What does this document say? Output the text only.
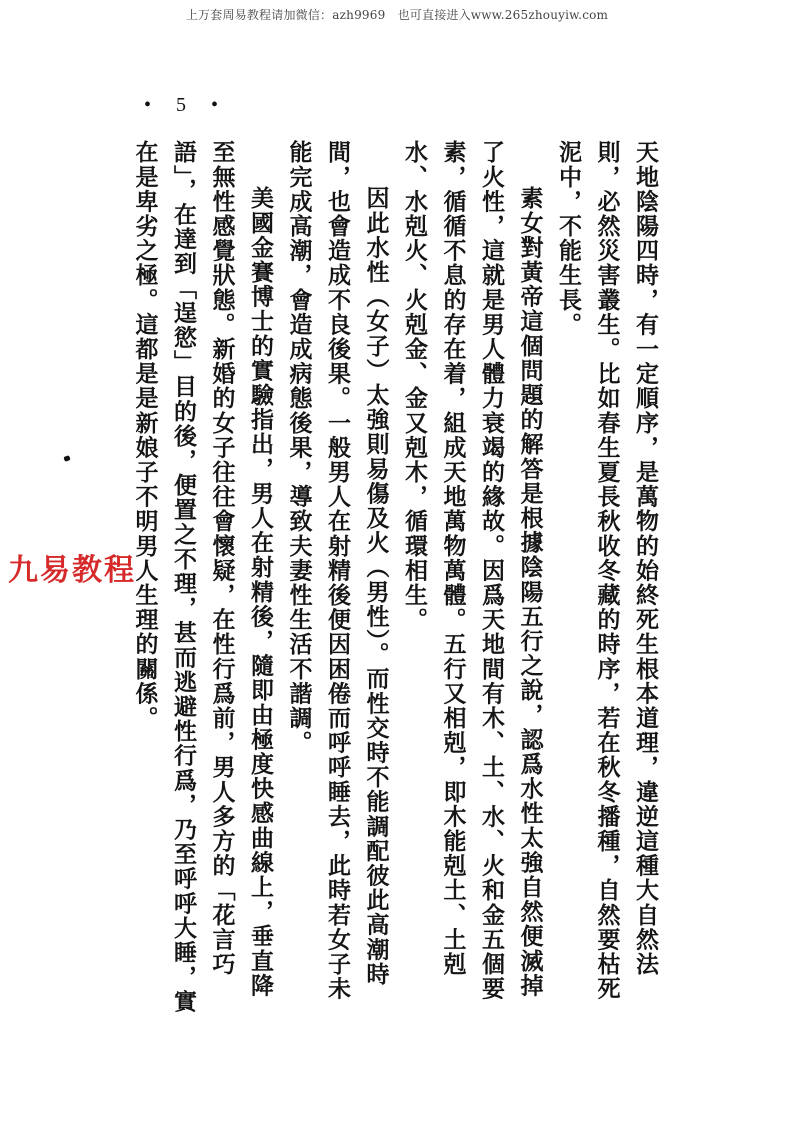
上万套周易教程请加微信：azh9969　也可直接进入www.265zhouyiw.com
• 5 •

天地陰陽四時，有一定順序，是萬物的始終死生根本道理，違逆這種大自然法則，必然災害叢生。比如春生夏長秋收冬藏的時序，若在秋冬播種，自然要枯死泥中，不能生長。

素女對黃帝這個問題的解答是根據陰陽五行之說，認爲水性太強自然便滅掉了火性，這就是男人體力衰竭的緣故。因爲天地間有木、土、水、火和金五個要素，循循不息的存在着，組成天地萬物萬體。五行又相剋，即木能剋土、土剋水、水剋火、火剋金、金又剋木，循環相生。

因此水性（女子）太強則易傷及火（男性）。而性交時不能調配彼此高潮時間，也會造成不良後果。一般男人在射精後便因困倦而呼呼睡去，此時若女子未能完成高潮，會造成病態後果，導致夫妻性生活不諧調。

美國金賽博士的實驗指出，男人在射精後，隨即由極度快感曲線上，垂直降至無性感覺狀態。新婚的女子往往會懷疑，在性行爲前，男人多方的「花言巧語」，在達到「逞慾」目的後，便置之不理，甚而逃避性行爲，乃至呼呼大睡，實在是卑劣之極。這都是是新娘子不明男人生理的關係。

九易教程
